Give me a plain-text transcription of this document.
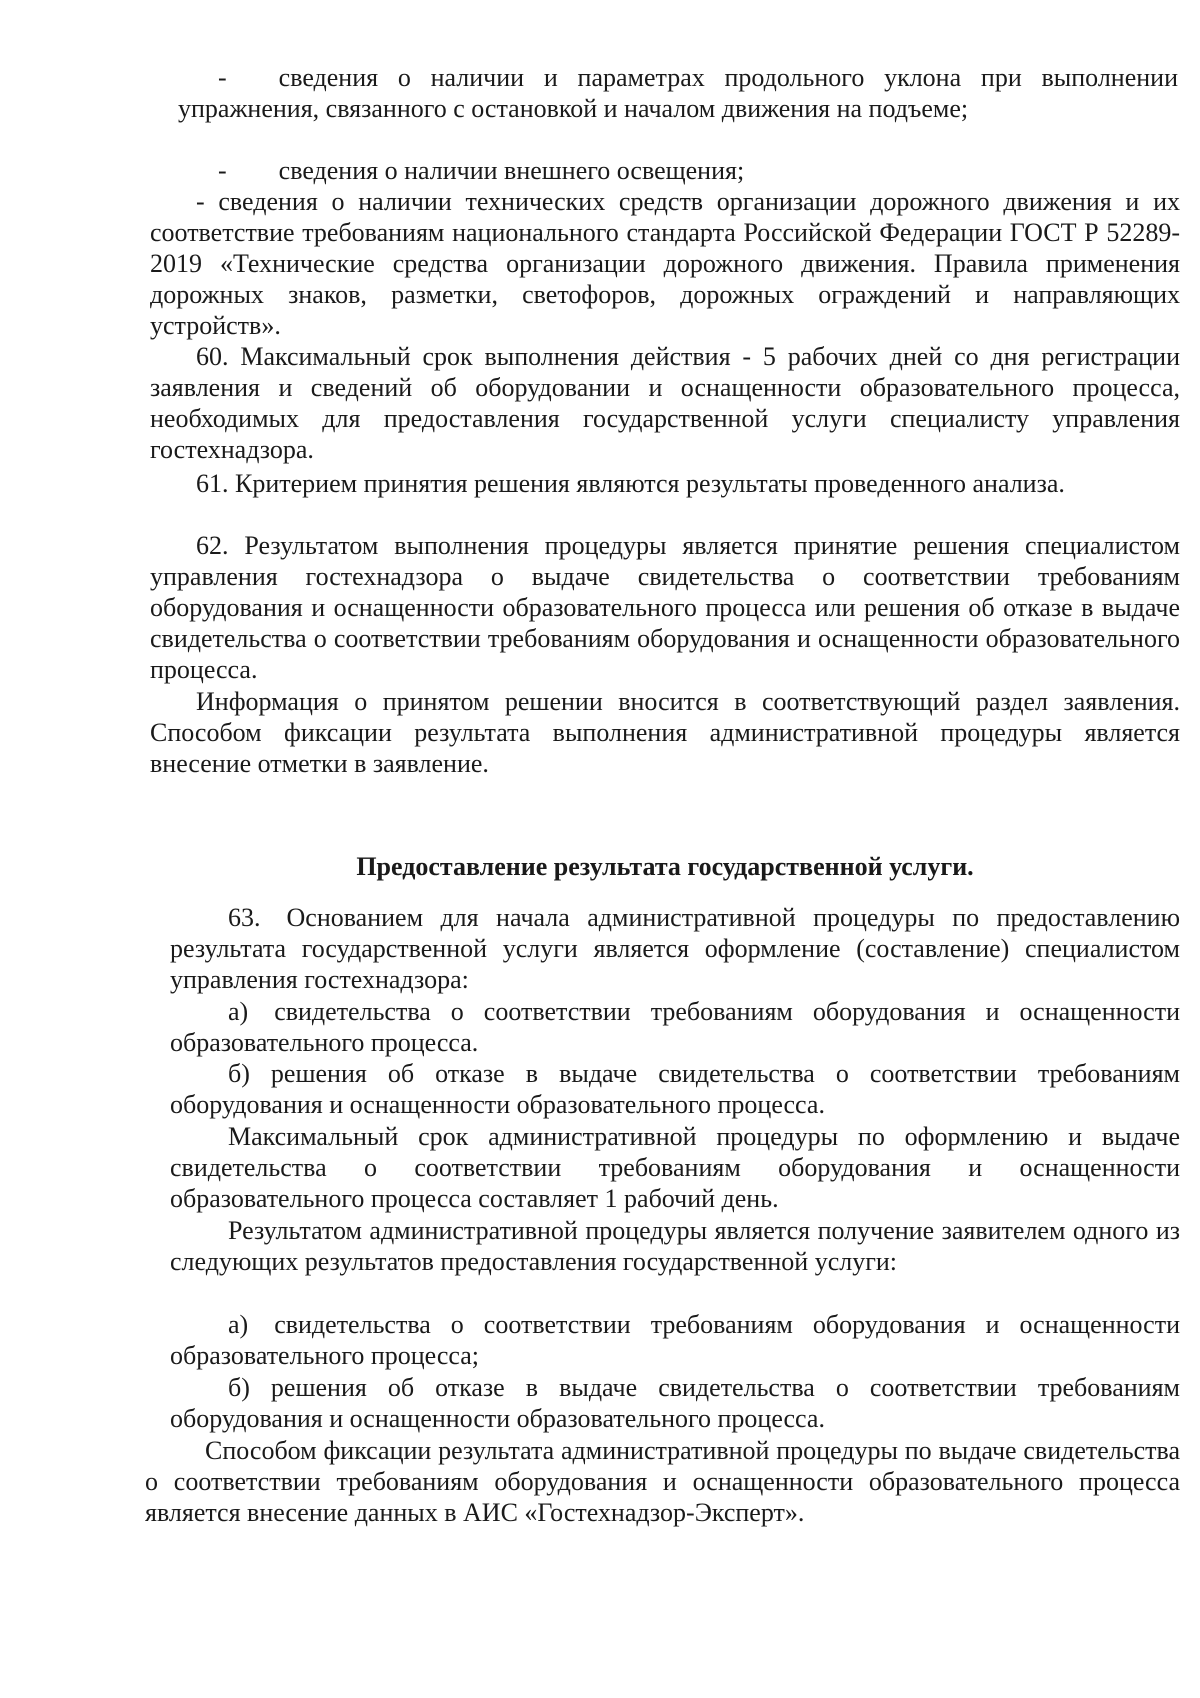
-  сведения о наличии и параметрах продольного уклона при выполнении упражнения, связанного с остановкой и началом движения на подъеме;

-  сведения о наличии внешнего освещения;

- сведения о наличии технических средств организации дорожного движения и их соответствие требованиям национального стандарта Российской Федерации ГОСТ Р 52289-2019 «Технические средства организации дорожного движения. Правила применения дорожных знаков, разметки, светофоров, дорожных ограждений и направляющих устройств».

60. Максимальный срок выполнения действия - 5 рабочих дней со дня регистрации заявления и сведений об оборудовании и оснащенности образовательного процесса, необходимых для предоставления государственной услуги специалисту управления гостехнадзора.

61. Критерием принятия решения являются результаты проведенного анализа.

62. Результатом выполнения процедуры является принятие решения специалистом управления гостехнадзора о выдаче свидетельства о соответствии требованиям оборудования и оснащенности образовательного процесса или решения об отказе в выдаче свидетельства о соответствии требованиям оборудования и оснащенности образовательного процесса.

Информация о принятом решении вносится в соответствующий раздел заявления. Способом фиксации результата выполнения административной процедуры является внесение отметки в заявление.

Предоставление результата государственной услуги.

63. Основанием для начала административной процедуры по предоставлению результата государственной услуги является оформление (составление) специалистом управления гостехнадзора:

а) свидетельства о соответствии требованиям оборудования и оснащенности образовательного процесса.

б) решения об отказе в выдаче свидетельства о соответствии требованиям оборудования и оснащенности образовательного процесса.

Максимальный срок административной процедуры по оформлению и выдаче свидетельства о соответствии требованиям оборудования и оснащенности образовательного процесса составляет 1 рабочий день.

Результатом административной процедуры является получение заявителем одного из следующих результатов предоставления государственной услуги:

а) свидетельства о соответствии требованиям оборудования и оснащенности образовательного процесса;

б) решения об отказе в выдаче свидетельства о соответствии требованиям оборудования и оснащенности образовательного процесса.

Способом фиксации результата административной процедуры по выдаче свидетельства о соответствии требованиям оборудования и оснащенности образовательного процесса является внесение данных в АИС «Гостехнадзор-Эксперт».
